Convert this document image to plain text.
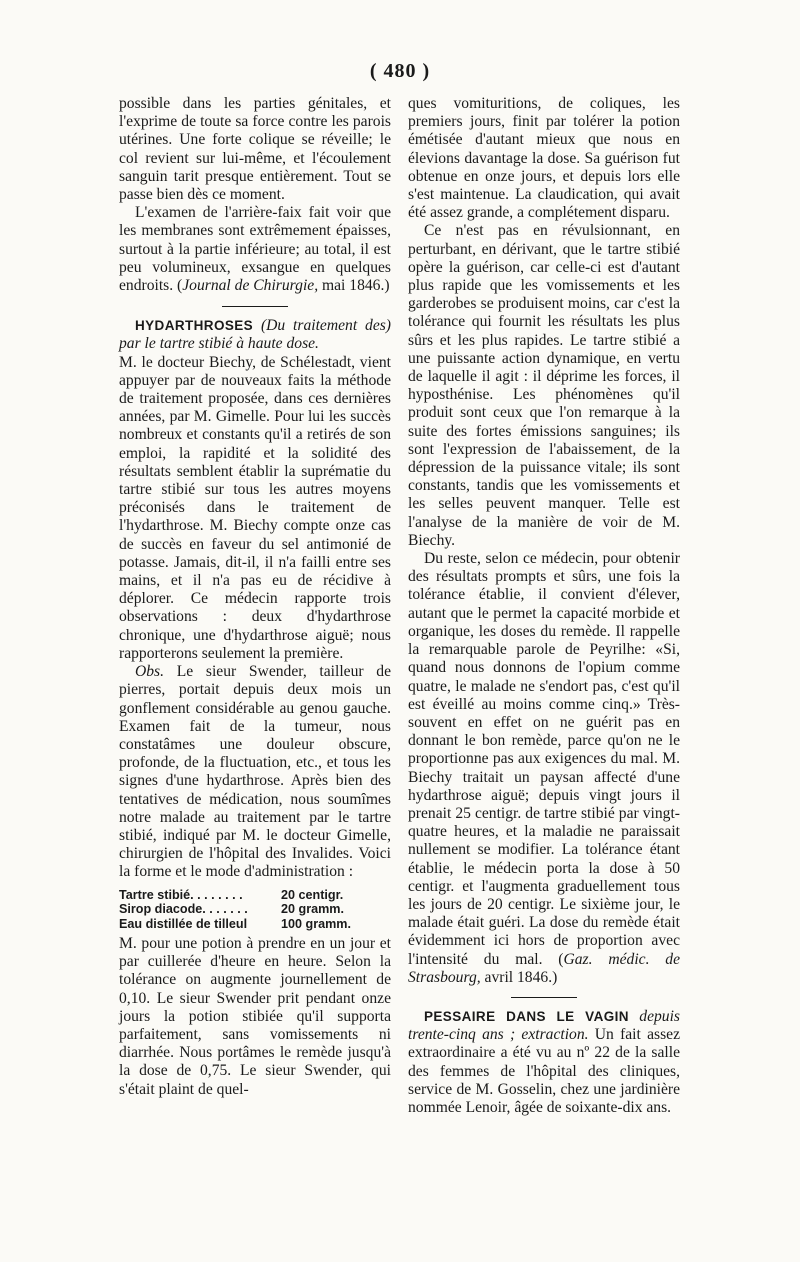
( 480 )

possible dans les parties génitales, et l'exprime de toute sa force contre les parois utérines. Une forte colique se réveille; le col revient sur lui-même, et l'écoulement sanguin tarit presque entièrement. Tout se passe bien dès ce moment.

L'examen de l'arrière-faix fait voir que les membranes sont extrêmement épaisses, surtout à la partie inférieure; au total, il est peu volumineux, exsangue en quelques endroits. (Journal de Chirurgie, mai 1846.)

HYDARTHROSES (Du traitement des) par le tartre stibié à haute dose.

M. le docteur Biechy, de Schélestadt, vient appuyer par de nouveaux faits la méthode de traitement proposée, dans ces dernières années, par M. Gimelle. Pour lui les succès nombreux et constants qu'il a retirés de son emploi, la rapidité et la solidité des résultats semblent établir la suprématie du tartre stibié sur tous les autres moyens préconisés dans le traitement de l'hydarthrose. M. Biechy compte onze cas de succès en faveur du sel antimonié de potasse. Jamais, dit-il, il n'a failli entre ses mains, et il n'a pas eu de récidive à déplorer. Ce médecin rapporte trois observations : deux d'hydarthrose chronique, une d'hydarthrose aiguë; nous rapporterons seulement la première.

Obs. Le sieur Swender, tailleur de pierres, portait depuis deux mois un gonflement considérable au genou gauche. Examen fait de la tumeur, nous constatâmes une douleur obscure, profonde, de la fluctuation, etc., et tous les signes d'une hydarthrose. Après bien des tentatives de médication, nous soumîmes notre malade au traitement par le tartre stibié, indiqué par M. le docteur Gimelle, chirurgien de l'hôpital des Invalides. Voici la forme et le mode d'administration :

Tartre stibié. . . . . . . .	20 centigr.
Sirop diacode. . . . . . .	20 gramm.
Eau distillée de tilleul	100 gramm.

M. pour une potion à prendre en un jour et par cuillerée d'heure en heure. Selon la tolérance on augmente journellement de 0,10. Le sieur Swender prit pendant onze jours la potion stibiée qu'il supporta parfaitement, sans vomissements ni diarrhée. Nous portâmes le remède jusqu'à la dose de 0,75. Le sieur Swender, qui s'était plaint de quel-

ques vomituritions, de coliques, les premiers jours, finit par tolérer la potion émétisée d'autant mieux que nous en élevions davantage la dose. Sa guérison fut obtenue en onze jours, et depuis lors elle s'est maintenue. La claudication, qui avait été assez grande, a complétement disparu.

Ce n'est pas en révulsionnant, en perturbant, en dérivant, que le tartre stibié opère la guérison, car celle-ci est d'autant plus rapide que les vomissements et les garderobes se produisent moins, car c'est la tolérance qui fournit les résultats les plus sûrs et les plus rapides. Le tartre stibié a une puissante action dynamique, en vertu de laquelle il agit : il déprime les forces, il hyposthénise. Les phénomènes qu'il produit sont ceux que l'on remarque à la suite des fortes émissions sanguines; ils sont l'expression de l'abaissement, de la dépression de la puissance vitale; ils sont constants, tandis que les vomissements et les selles peuvent manquer. Telle est l'analyse de la manière de voir de M. Biechy.

Du reste, selon ce médecin, pour obtenir des résultats prompts et sûrs, une fois la tolérance établie, il convient d'élever, autant que le permet la capacité morbide et organique, les doses du remède. Il rappelle la remarquable parole de Peyrilhe: «Si, quand nous donnons de l'opium comme quatre, le malade ne s'endort pas, c'est qu'il est éveillé au moins comme cinq.» Très-souvent en effet on ne guérit pas en donnant le bon remède, parce qu'on ne le proportionne pas aux exigences du mal. M. Biechy traitait un paysan affecté d'une hydarthrose aiguë; depuis vingt jours il prenait 25 centigr. de tartre stibié par vingt-quatre heures, et la maladie ne paraissait nullement se modifier. La tolérance étant établie, le médecin porta la dose à 50 centigr. et l'augmenta graduellement tous les jours de 20 centigr. Le sixième jour, le malade était guéri. La dose du remède était évidemment ici hors de proportion avec l'intensité du mal. (Gaz. médic. de Strasbourg, avril 1846.)

PESSAIRE DANS LE VAGIN depuis trente-cinq ans ; extraction. Un fait assez extraordinaire a été vu au nº 22 de la salle des femmes de l'hôpital des cliniques, service de M. Gosselin, chez une jardinière nommée Lenoir, âgée de soixante-dix ans.
